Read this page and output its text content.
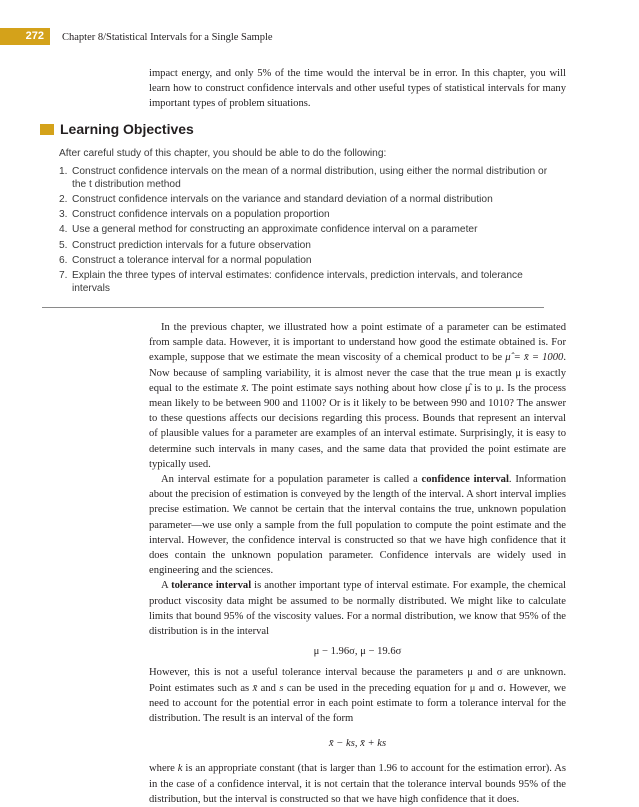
272	Chapter 8/Statistical Intervals for a Single Sample

impact energy, and only 5% of the time would the interval be in error. In this chapter, you will learn how to construct confidence intervals and other useful types of statistical intervals for many important types of problem situations.

Learning Objectives
After careful study of this chapter, you should be able to do the following:
1. Construct confidence intervals on the mean of a normal distribution, using either the normal distribution or the t distribution method
2. Construct confidence intervals on the variance and standard deviation of a normal distribution
3. Construct confidence intervals on a population proportion
4. Use a general method for constructing an approximate confidence interval on a parameter
5. Construct prediction intervals for a future observation
6. Construct a tolerance interval for a normal population
7. Explain the three types of interval estimates: confidence intervals, prediction intervals, and tolerance intervals

In the previous chapter, we illustrated how a point estimate of a parameter can be estimated from sample data. However, it is important to understand how good the estimate obtained is. For example, suppose that we estimate the mean viscosity of a chemical product to be μ̂ = x̄ = 1000. Now because of sampling variability, it is almost never the case that the true mean μ is exactly equal to the estimate x̄. The point estimate says nothing about how close μ̂ is to μ. Is the process mean likely to be between 900 and 1100? Or is it likely to be between 990 and 1010? The answer to these questions affects our decisions regarding this process. Bounds that represent an interval of plausible values for a parameter are examples of an interval estimate. Surprisingly, it is easy to determine such intervals in many cases, and the same data that provided the point estimate are typically used.

An interval estimate for a population parameter is called a confidence interval. Information about the precision of estimation is conveyed by the length of the interval. A short interval implies precise estimation. We cannot be certain that the interval contains the true, unknown population parameter—we use only a sample from the full population to compute the point estimate and the interval. However, the confidence interval is constructed so that we have high confidence that it does contain the unknown population parameter. Confidence intervals are widely used in engineering and the sciences.

A tolerance interval is another important type of interval estimate. For example, the chemical product viscosity data might be assumed to be normally distributed. We might like to calculate limits that bound 95% of the viscosity values. For a normal distribution, we know that 95% of the distribution is in the interval

μ − 1.96σ, μ − 19.6σ

However, this is not a useful tolerance interval because the parameters μ and σ are unknown. Point estimates such as x̄ and s can be used in the preceding equation for μ and σ. However, we need to account for the potential error in each point estimate to form a tolerance interval for the distribution. The result is an interval of the form

x̄ − ks, x̄ + ks

where k is an appropriate constant (that is larger than 1.96 to account for the estimation error). As in the case of a confidence interval, it is not certain that the tolerance interval bounds 95% of the distribution, but the interval is constructed so that we have high confidence that it does.
